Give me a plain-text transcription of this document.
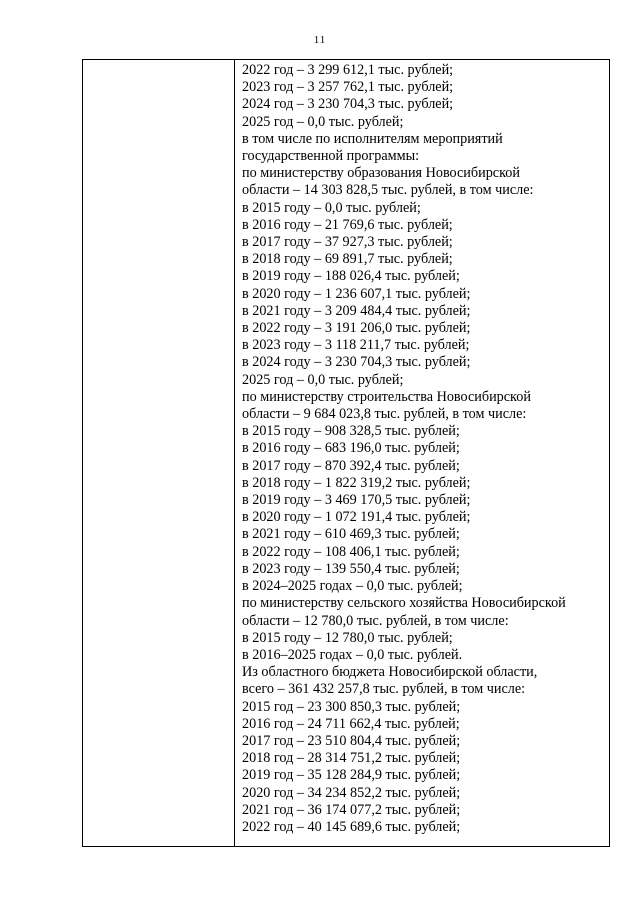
11

2022 год – 3 299 612,1 тыс. рублей;
2023 год – 3 257 762,1 тыс. рублей;
2024 год – 3 230 704,3 тыс. рублей;
2025 год – 0,0 тыс. рублей;
в том числе по исполнителям мероприятий
государственной программы:
по министерству образования Новосибирской
области – 14 303 828,5 тыс. рублей, в том числе:
в 2015 году – 0,0 тыс. рублей;
в 2016 году – 21 769,6 тыс. рублей;
в 2017 году – 37 927,3 тыс. рублей;
в 2018 году – 69 891,7 тыс. рублей;
в 2019 году – 188 026,4 тыс. рублей;
в 2020 году – 1 236 607,1 тыс. рублей;
в 2021 году – 3 209 484,4 тыс. рублей;
в 2022 году – 3 191 206,0 тыс. рублей;
в 2023 году – 3 118 211,7 тыс. рублей;
в 2024 году – 3 230 704,3 тыс. рублей;
2025 год – 0,0 тыс. рублей;
по министерству строительства Новосибирской
области – 9 684 023,8 тыс. рублей, в том числе:
в 2015 году – 908 328,5 тыс. рублей;
в 2016 году – 683 196,0 тыс. рублей;
в 2017 году – 870 392,4 тыс. рублей;
в 2018 году – 1 822 319,2 тыс. рублей;
в 2019 году – 3 469 170,5 тыс. рублей;
в 2020 году – 1 072 191,4 тыс. рублей;
в 2021 году – 610 469,3 тыс. рублей;
в 2022 году – 108 406,1 тыс. рублей;
в 2023 году – 139 550,4 тыс. рублей;
в 2024–2025 годах – 0,0 тыс. рублей;
по министерству сельского хозяйства Новосибирской
области – 12 780,0 тыс. рублей, в том числе:
в 2015 году – 12 780,0 тыс. рублей;
в 2016–2025 годах – 0,0 тыс. рублей.
Из областного бюджета Новосибирской области,
всего – 361 432 257,8 тыс. рублей, в том числе:
2015 год – 23 300 850,3 тыс. рублей;
2016 год – 24 711 662,4 тыс. рублей;
2017 год – 23 510 804,4 тыс. рублей;
2018 год – 28 314 751,2 тыс. рублей;
2019 год – 35 128 284,9 тыс. рублей;
2020 год – 34 234 852,2 тыс. рублей;
2021 год – 36 174 077,2 тыс. рублей;
2022 год – 40 145 689,6 тыс. рублей;
